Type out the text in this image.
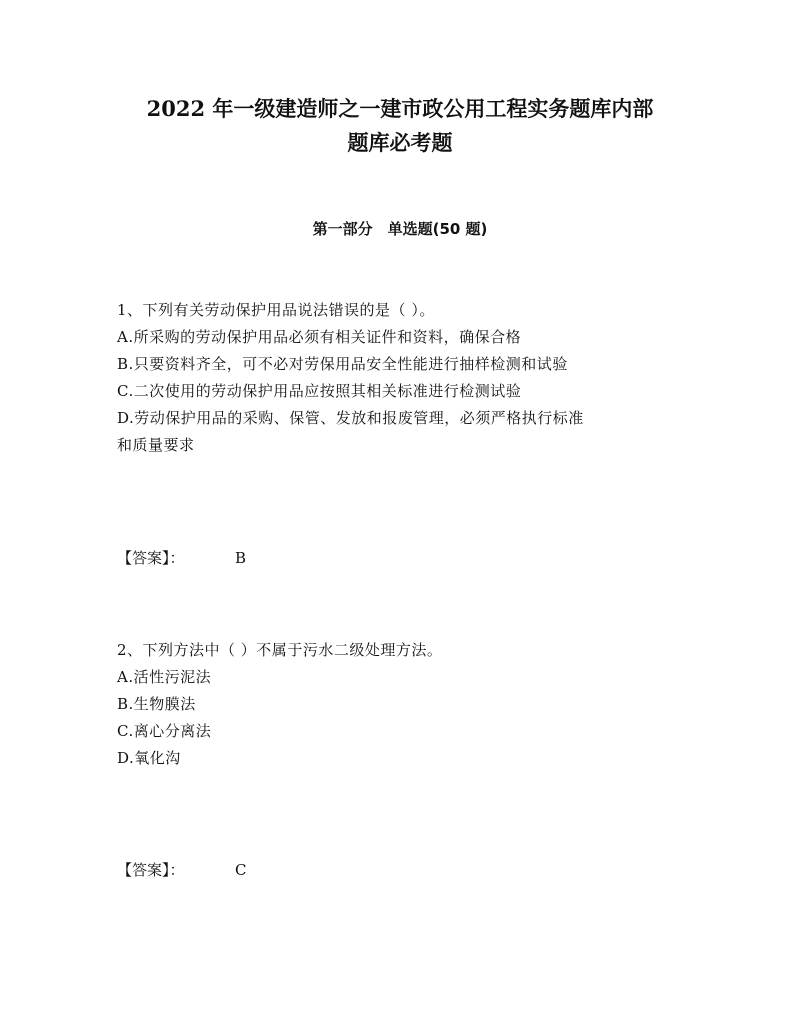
2022 年一级建造师之一建市政公用工程实务题库内部
题库必考题
第一部分　单选题(50 题)
1、下列有关劳动保护用品说法错误的是（ ）。
A.所采购的劳动保护用品必须有相关证件和资料，确保合格
B.只要资料齐全，可不必对劳保用品安全性能进行抽样检测和试验
C.二次使用的劳动保护用品应按照其相关标准进行检测试验
D.劳动保护用品的采购、保管、发放和报废管理，必须严格执行标准
和质量要求
【答案】：	B
2、下列方法中（ ）不属于污水二级处理方法。
A.活性污泥法
B.生物膜法
C.离心分离法
D.氧化沟
【答案】：	C
